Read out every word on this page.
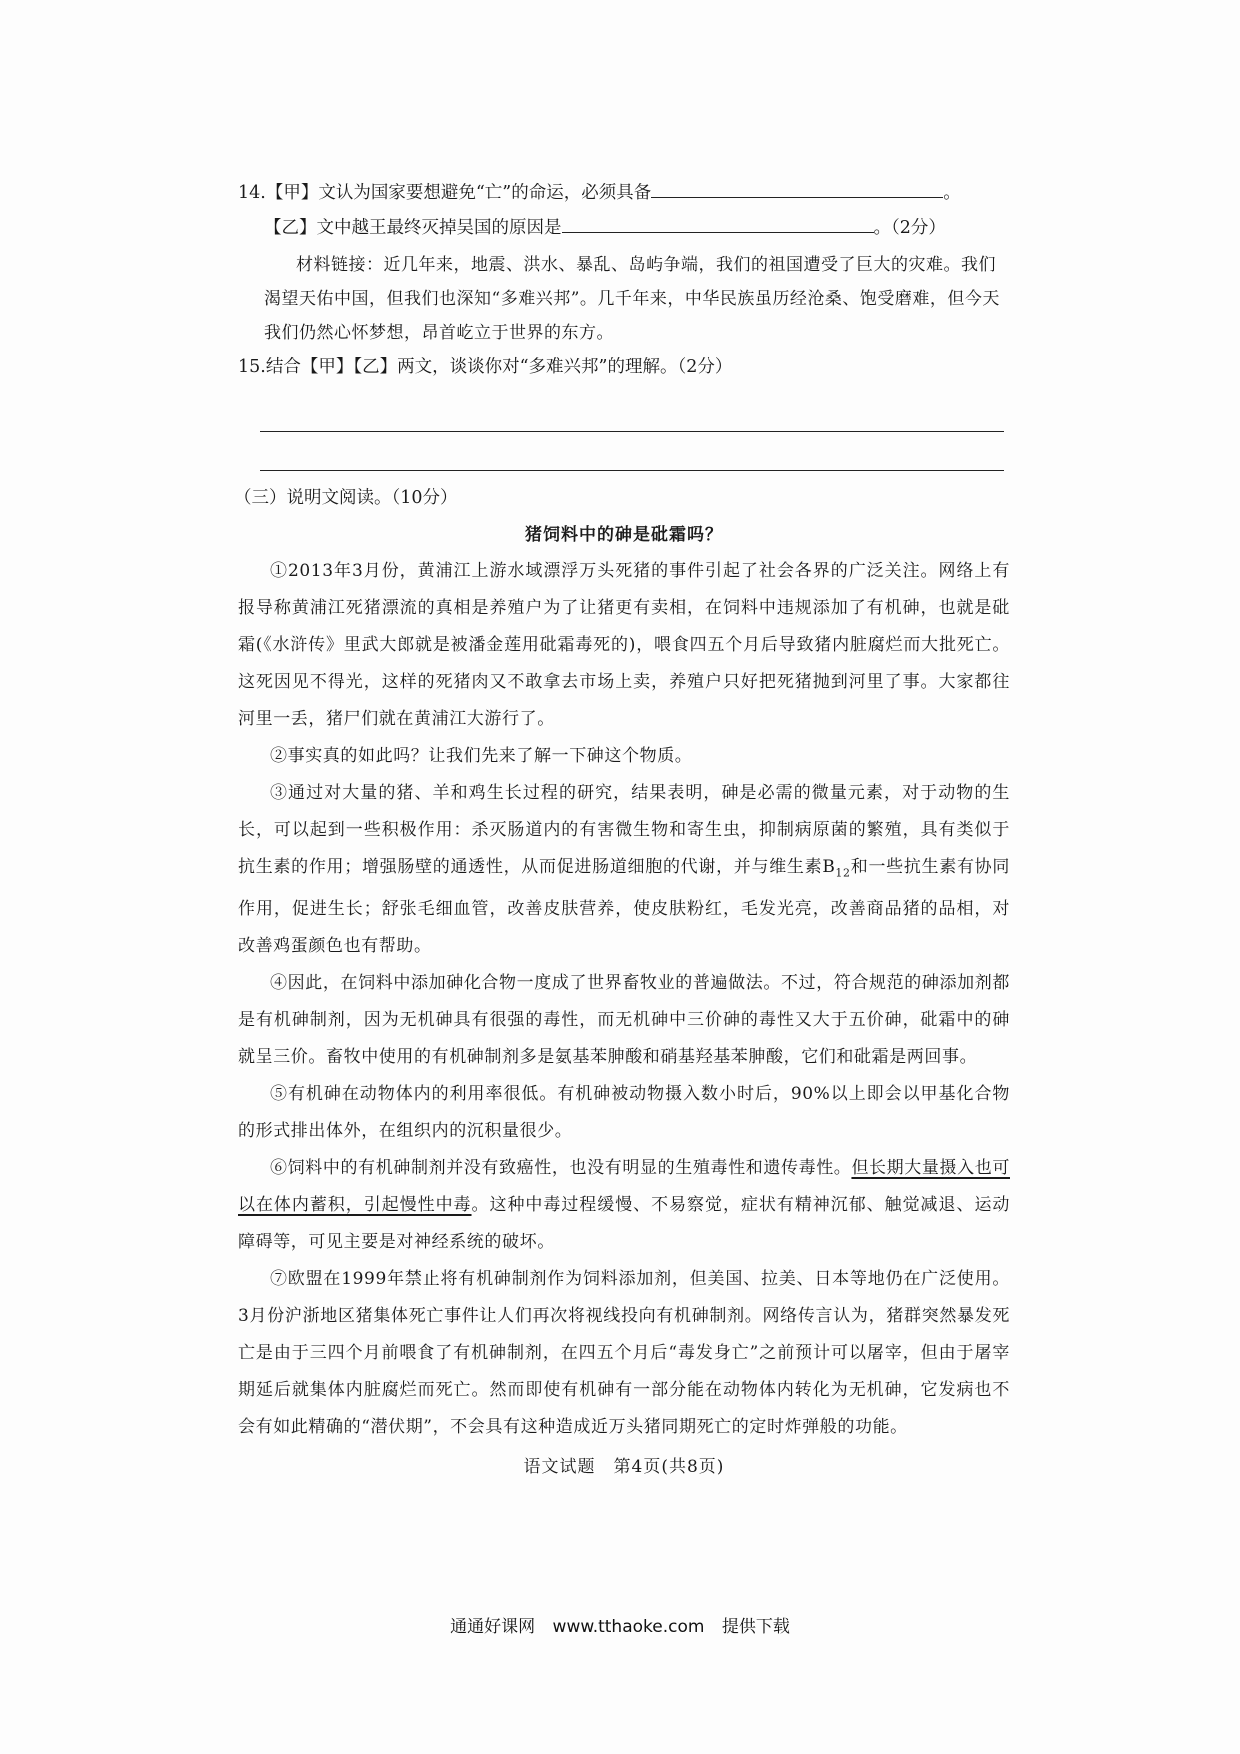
14.【甲】文认为国家要想避免“亡”的命运，必须具备	。
【乙】文中越王最终灭掉吴国的原因是	。（2分）
材料链接：近几年来，地震、洪水、暴乱、岛屿争端，我们的祖国遭受了巨大的灾难。我们渴望天佑中国，但我们也深知“多难兴邦”。几千年来，中华民族虽历经沧桑、饱受磨难，但今天我们仍然心怀梦想，昂首屹立于世界的东方。
15.结合【甲】【乙】两文，谈谈你对“多难兴邦”的理解。（2分）
（三）说明文阅读。（10分）
猪饲料中的砷是砒霜吗？
①2013年3月份，黄浦江上游水域漂浮万头死猪的事件引起了社会各界的广泛关注。网络上有报导称黄浦江死猪漂流的真相是养殖户为了让猪更有卖相，在饲料中违规添加了有机砷，也就是砒霜(《水浒传》里武大郎就是被潘金莲用砒霜毒死的)，喂食四五个月后导致猪内脏腐烂而大批死亡。这死因见不得光，这样的死猪肉又不敢拿去市场上卖，养殖户只好把死猪抛到河里了事。大家都往河里一丢，猪尸们就在黄浦江大游行了。
②事实真的如此吗？让我们先来了解一下砷这个物质。
③通过对大量的猪、羊和鸡生长过程的研究，结果表明，砷是必需的微量元素，对于动物的生长，可以起到一些积极作用：杀灭肠道内的有害微生物和寄生虫，抑制病原菌的繁殖，具有类似于抗生素的作用；增强肠壁的通透性，从而促进肠道细胞的代谢，并与维生素$B_{12}$和一些抗生素有协同作用，促进生长；舒张毛细血管，改善皮肤营养，使皮肤粉红，毛发光亮，改善商品猪的品相，对改善鸡蛋颜色也有帮助。
④因此，在饲料中添加砷化合物一度成了世界畜牧业的普遍做法。不过，符合规范的砷添加剂都是有机砷制剂，因为无机砷具有很强的毒性，而无机砷中三价砷的毒性又大于五价砷，砒霜中的砷就呈三价。畜牧中使用的有机砷制剂多是氨基苯胂酸和硝基羟基苯胂酸，它们和砒霜是两回事。
⑤有机砷在动物体内的利用率很低。有机砷被动物摄入数小时后，90%以上即会以甲基化合物的形式排出体外，在组织内的沉积量很少。
⑥饲料中的有机砷制剂并没有致癌性，也没有明显的生殖毒性和遗传毒性。但长期大量摄入也可以在体内蓄积，引起慢性中毒。这种中毒过程缓慢、不易察觉，症状有精神沉郁、触觉减退、运动障碍等，可见主要是对神经系统的破坏。
⑦欧盟在1999年禁止将有机砷制剂作为饲料添加剂，但美国、拉美、日本等地仍在广泛使用。3月份沪浙地区猪集体死亡事件让人们再次将视线投向有机砷制剂。网络传言认为，猪群突然暴发死亡是由于三四个月前喂食了有机砷制剂，在四五个月后“毒发身亡”之前预计可以屠宰，但由于屠宰期延后就集体内脏腐烂而死亡。然而即使有机砷有一部分能在动物体内转化为无机砷，它发病也不会有如此精确的“潜伏期”，不会具有这种造成近万头猪同期死亡的定时炸弹般的功能。
语文试题　第4页(共8页)
通通好课网 www.tthaoke.com 提供下载
